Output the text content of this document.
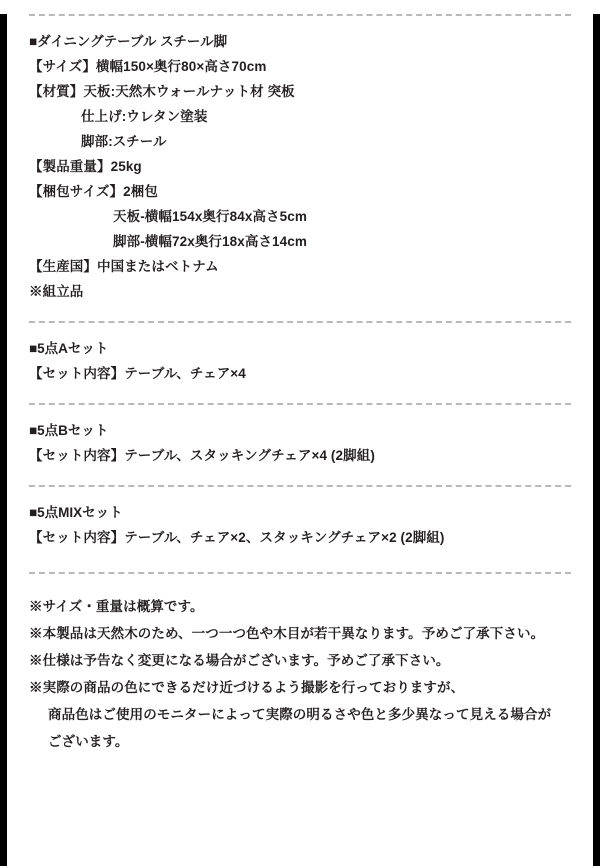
■ダイニングテーブル スチール脚
【サイズ】横幅150×奥行80×高さ70cm
【材質】天板:天然木ウォールナット材 突板
仕上げ:ウレタン塗装
脚部:スチール
【製品重量】25kg
【梱包サイズ】2梱包
天板-横幅154x奥行84x高さ5cm
脚部-横幅72x奥行18x高さ14cm
【生産国】中国またはベトナム
※組立品
■5点Aセット
【セット内容】テーブル、チェア×4
■5点Bセット
【セット内容】テーブル、スタッキングチェア×4 (2脚組)
■5点MIXセット
【セット内容】テーブル、チェア×2、スタッキングチェア×2 (2脚組)
※サイズ・重量は概算です。
※本製品は天然木のため、一つ一つ色や木目が若干異なります。予めご了承下さい。
※仕様は予告なく変更になる場合がございます。予めご了承下さい。
※実際の商品の色にできるだけ近づけるよう撮影を行っておりますが、
商品色はご使用のモニターによって実際の明るさや色と多少異なって見える場合が
ございます。
